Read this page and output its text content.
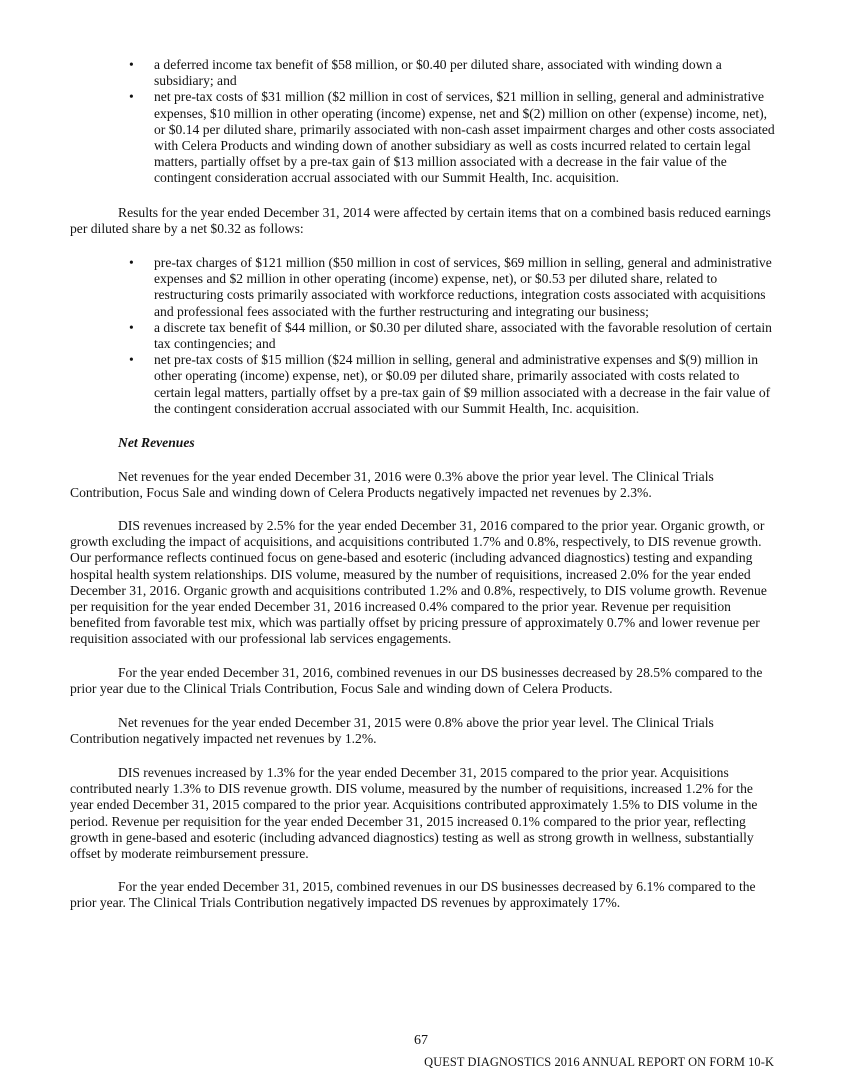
• a deferred income tax benefit of $58 million, or $0.40 per diluted share, associated with winding down a subsidiary; and
• net pre-tax costs of $31 million ($2 million in cost of services, $21 million in selling, general and administrative expenses, $10 million in other operating (income) expense, net and $(2) million on other (expense) income, net), or $0.14 per diluted share, primarily associated with non-cash asset impairment charges and other costs associated with Celera Products and winding down of another subsidiary as well as costs incurred related to certain legal matters, partially offset by a pre-tax gain of $13 million associated with a decrease in the fair value of the contingent consideration accrual associated with our Summit Health, Inc. acquisition.

Results for the year ended December 31, 2014 were affected by certain items that on a combined basis reduced earnings per diluted share by a net $0.32 as follows:

• pre-tax charges of $121 million ($50 million in cost of services, $69 million in selling, general and administrative expenses and $2 million in other operating (income) expense, net), or $0.53 per diluted share, related to restructuring costs primarily associated with workforce reductions, integration costs associated with acquisitions and professional fees associated with the further restructuring and integrating our business;
• a discrete tax benefit of $44 million, or $0.30 per diluted share, associated with the favorable resolution of certain tax contingencies; and
• net pre-tax costs of $15 million ($24 million in selling, general and administrative expenses and $(9) million in other operating (income) expense, net), or $0.09 per diluted share, primarily associated with costs related to certain legal matters, partially offset by a pre-tax gain of $9 million associated with a decrease in the fair value of the contingent consideration accrual associated with our Summit Health, Inc. acquisition.

Net Revenues

Net revenues for the year ended December 31, 2016 were 0.3% above the prior year level. The Clinical Trials Contribution, Focus Sale and winding down of Celera Products negatively impacted net revenues by 2.3%.

DIS revenues increased by 2.5% for the year ended December 31, 2016 compared to the prior year. Organic growth, or growth excluding the impact of acquisitions, and acquisitions contributed 1.7% and 0.8%, respectively, to DIS revenue growth. Our performance reflects continued focus on gene-based and esoteric (including advanced diagnostics) testing and expanding hospital health system relationships. DIS volume, measured by the number of requisitions, increased 2.0% for the year ended December 31, 2016. Organic growth and acquisitions contributed 1.2% and 0.8%, respectively, to DIS volume growth. Revenue per requisition for the year ended December 31, 2016 increased 0.4% compared to the prior year. Revenue per requisition benefited from favorable test mix, which was partially offset by pricing pressure of approximately 0.7% and lower revenue per requisition associated with our professional lab services engagements.

For the year ended December 31, 2016, combined revenues in our DS businesses decreased by 28.5% compared to the prior year due to the Clinical Trials Contribution, Focus Sale and winding down of Celera Products.

Net revenues for the year ended December 31, 2015 were 0.8% above the prior year level. The Clinical Trials Contribution negatively impacted net revenues by 1.2%.

DIS revenues increased by 1.3% for the year ended December 31, 2015 compared to the prior year. Acquisitions contributed nearly 1.3% to DIS revenue growth. DIS volume, measured by the number of requisitions, increased 1.2% for the year ended December 31, 2015 compared to the prior year. Acquisitions contributed approximately 1.5% to DIS volume in the period. Revenue per requisition for the year ended December 31, 2015 increased 0.1% compared to the prior year, reflecting growth in gene-based and esoteric (including advanced diagnostics) testing as well as strong growth in wellness, substantially offset by moderate reimbursement pressure.

For the year ended December 31, 2015, combined revenues in our DS businesses decreased by 6.1% compared to the prior year. The Clinical Trials Contribution negatively impacted DS revenues by approximately 17%.

67
QUEST DIAGNOSTICS 2016 ANNUAL REPORT ON FORM 10-K
